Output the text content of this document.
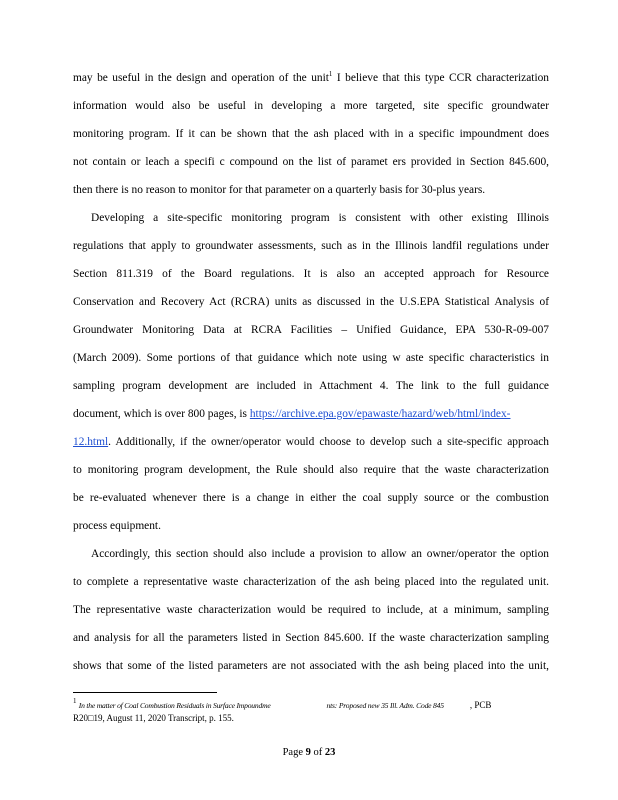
may be useful in the design and operation of the unit$^1$ I believe that this type CCR characterization
information would also be useful in developing a more targeted, site specific groundwater
monitoring program. If it can be shown that the ash placed with in a specific impoundment does
not contain or leach a specifi c compound on the list of paramet ers provided in Section 845.600,
then there is no reason to monitor for that parameter on a quarterly basis for 30-plus years.
Developing a site-specific monitoring program is consistent with other existing Illinois
regulations that apply to groundwater assessments, such as in the Illinois landfil regulations under
Section 811.319 of the Board regulations. It is also an accepted approach for Resource
Conservation and Recovery Act (RCRA) units as discussed in the U.S.EPA Statistical Analysis of
Groundwater Monitoring Data at RCRA Facilities – Unified Guidance, EPA 530-R-09-007
(March 2009). Some portions of that guidance which note using w aste specific characteristics in
sampling program development are included in Attachment 4. The link to the full guidance
document, which is over 800 pages, is https://archive.epa.gov/epawaste/hazard/web/html/index-
12.html. Additionally, if the owner/operator would choose to develop such a site-specific approach
to monitoring program development, the Rule should also require that the waste characterization
be re-evaluated whenever there is a change in either the coal supply source or the combustion
process equipment.
Accordingly, this section should also include a provision to allow an owner/operator the option
to complete a representative waste characterization of the ash being placed into the regulated unit.
The representative waste characterization would be required to include, at a minimum, sampling
and analysis for all the parameters listed in Section 845.600. If the waste characterization sampling
shows that some of the listed parameters are not associated with the ash being placed into the unit,
$^1$ In the matter of Coal Combustion Residuals in Surface Impoundme	nts: Proposed new 35 Ill. Adm. Code 845	, PCB
R20□19, August 11, 2020 Transcript, p. 155.
Page 9 of 23
